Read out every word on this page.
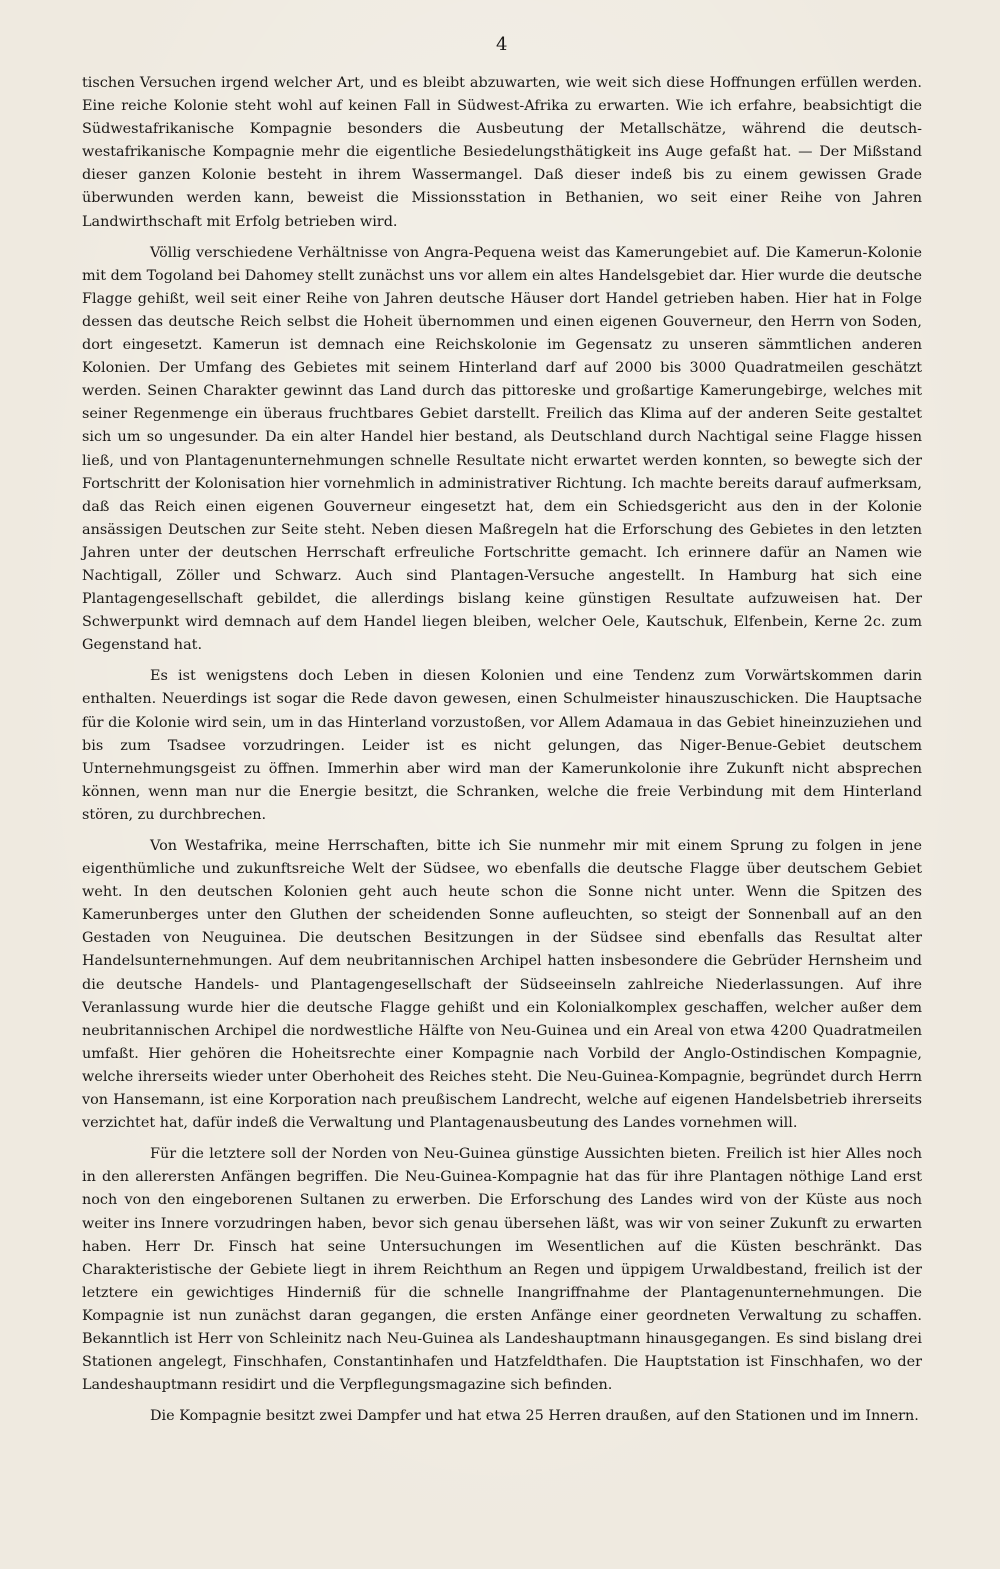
4

tischen Versuchen irgend welcher Art, und es bleibt abzuwarten, wie weit sich diese Hoffnungen erfüllen werden. Eine reiche Kolonie steht wohl auf keinen Fall in Südwest-Afrika zu erwarten. Wie ich erfahre, beabsichtigt die Südwestafrikanische Kompagnie besonders die Ausbeutung der Metallschätze, während die deutsch-westafrikanische Kompagnie mehr die eigentliche Besiedelungsthätigkeit ins Auge gefaßt hat. — Der Mißstand dieser ganzen Kolonie besteht in ihrem Wassermangel. Daß dieser indeß bis zu einem gewissen Grade überwunden werden kann, beweist die Missionsstation in Bethanien, wo seit einer Reihe von Jahren Landwirthschaft mit Erfolg betrieben wird.

Völlig verschiedene Verhältnisse von Angra-Pequena weist das Kamerungebiet auf. Die Kamerun-Kolonie mit dem Togoland bei Dahomey stellt zunächst uns vor allem ein altes Handelsgebiet dar. Hier wurde die deutsche Flagge gehißt, weil seit einer Reihe von Jahren deutsche Häuser dort Handel getrieben haben. Hier hat in Folge dessen das deutsche Reich selbst die Hoheit übernommen und einen eigenen Gouverneur, den Herrn von Soden, dort eingesetzt. Kamerun ist demnach eine Reichskolonie im Gegensatz zu unseren sämmtlichen anderen Kolonien. Der Umfang des Gebietes mit seinem Hinterland darf auf 2000 bis 3000 Quadratmeilen geschätzt werden. Seinen Charakter gewinnt das Land durch das pittoreske und großartige Kamerungebirge, welches mit seiner Regenmenge ein überaus fruchtbares Gebiet darstellt. Freilich das Klima auf der anderen Seite gestaltet sich um so ungesunder. Da ein alter Handel hier bestand, als Deutschland durch Nachtigal seine Flagge hissen ließ, und von Plantagenunternehmungen schnelle Resultate nicht erwartet werden konnten, so bewegte sich der Fortschritt der Kolonisation hier vornehmlich in administrativer Richtung. Ich machte bereits darauf aufmerksam, daß das Reich einen eigenen Gouverneur eingesetzt hat, dem ein Schiedsgericht aus den in der Kolonie ansässigen Deutschen zur Seite steht. Neben diesen Maßregeln hat die Erforschung des Gebietes in den letzten Jahren unter der deutschen Herrschaft erfreuliche Fortschritte gemacht. Ich erinnere dafür an Namen wie Nachtigall, Zöller und Schwarz. Auch sind Plantagen-Versuche angestellt. In Hamburg hat sich eine Plantagengesellschaft gebildet, die allerdings bislang keine günstigen Resultate aufzuweisen hat. Der Schwerpunkt wird demnach auf dem Handel liegen bleiben, welcher Oele, Kautschuk, Elfenbein, Kerne 2c. zum Gegenstand hat.

Es ist wenigstens doch Leben in diesen Kolonien und eine Tendenz zum Vorwärtskommen darin enthalten. Neuerdings ist sogar die Rede davon gewesen, einen Schulmeister hinauszuschicken. Die Hauptsache für die Kolonie wird sein, um in das Hinterland vorzustoßen, vor Allem Adamaua in das Gebiet hineinzuziehen und bis zum Tsadsee vorzudringen. Leider ist es nicht gelungen, das Niger-Benue-Gebiet deutschem Unternehmungsgeist zu öffnen. Immerhin aber wird man der Kamerunkolonie ihre Zukunft nicht absprechen können, wenn man nur die Energie besitzt, die Schranken, welche die freie Verbindung mit dem Hinterland stören, zu durchbrechen.

Von Westafrika, meine Herrschaften, bitte ich Sie nunmehr mir mit einem Sprung zu folgen in jene eigenthümliche und zukunftsreiche Welt der Südsee, wo ebenfalls die deutsche Flagge über deutschem Gebiet weht. In den deutschen Kolonien geht auch heute schon die Sonne nicht unter. Wenn die Spitzen des Kamerunberges unter den Gluthen der scheidenden Sonne aufleuchten, so steigt der Sonnenball auf an den Gestaden von Neuguinea. Die deutschen Besitzungen in der Südsee sind ebenfalls das Resultat alter Handelsunternehmungen. Auf dem neubritannischen Archipel hatten insbesondere die Gebrüder Hernsheim und die deutsche Handels- und Plantagengesellschaft der Südseeinseln zahlreiche Niederlassungen. Auf ihre Veranlassung wurde hier die deutsche Flagge gehißt und ein Kolonialkomplex geschaffen, welcher außer dem neubritannischen Archipel die nordwestliche Hälfte von Neu-Guinea und ein Areal von etwa 4200 Quadratmeilen umfaßt. Hier gehören die Hoheitsrechte einer Kompagnie nach Vorbild der Anglo-Ostindischen Kompagnie, welche ihrerseits wieder unter Oberhoheit des Reiches steht. Die Neu-Guinea-Kompagnie, begründet durch Herrn von Hansemann, ist eine Korporation nach preußischem Landrecht, welche auf eigenen Handelsbetrieb ihrerseits verzichtet hat, dafür indeß die Verwaltung und Plantagenausbeutung des Landes vornehmen will.

Für die letztere soll der Norden von Neu-Guinea günstige Aussichten bieten. Freilich ist hier Alles noch in den allerersten Anfängen begriffen. Die Neu-Guinea-Kompagnie hat das für ihre Plantagen nöthige Land erst noch von den eingeborenen Sultanen zu erwerben. Die Erforschung des Landes wird von der Küste aus noch weiter ins Innere vorzudringen haben, bevor sich genau übersehen läßt, was wir von seiner Zukunft zu erwarten haben. Herr Dr. Finsch hat seine Untersuchungen im Wesentlichen auf die Küsten beschränkt. Das Charakteristische der Gebiete liegt in ihrem Reichthum an Regen und üppigem Urwaldbestand, freilich ist der letztere ein gewichtiges Hinderniß für die schnelle Inangriffnahme der Plantagenunternehmungen. Die Kompagnie ist nun zunächst daran gegangen, die ersten Anfänge einer geordneten Verwaltung zu schaffen. Bekanntlich ist Herr von Schleinitz nach Neu-Guinea als Landeshauptmann hinausgegangen. Es sind bislang drei Stationen angelegt, Finschhafen, Constantinhafen und Hatzfeldthafen. Die Hauptstation ist Finschhafen, wo der Landeshauptmann residirt und die Verpflegungsmagazine sich befinden.

Die Kompagnie besitzt zwei Dampfer und hat etwa 25 Herren draußen, auf den Stationen und im Innern.
